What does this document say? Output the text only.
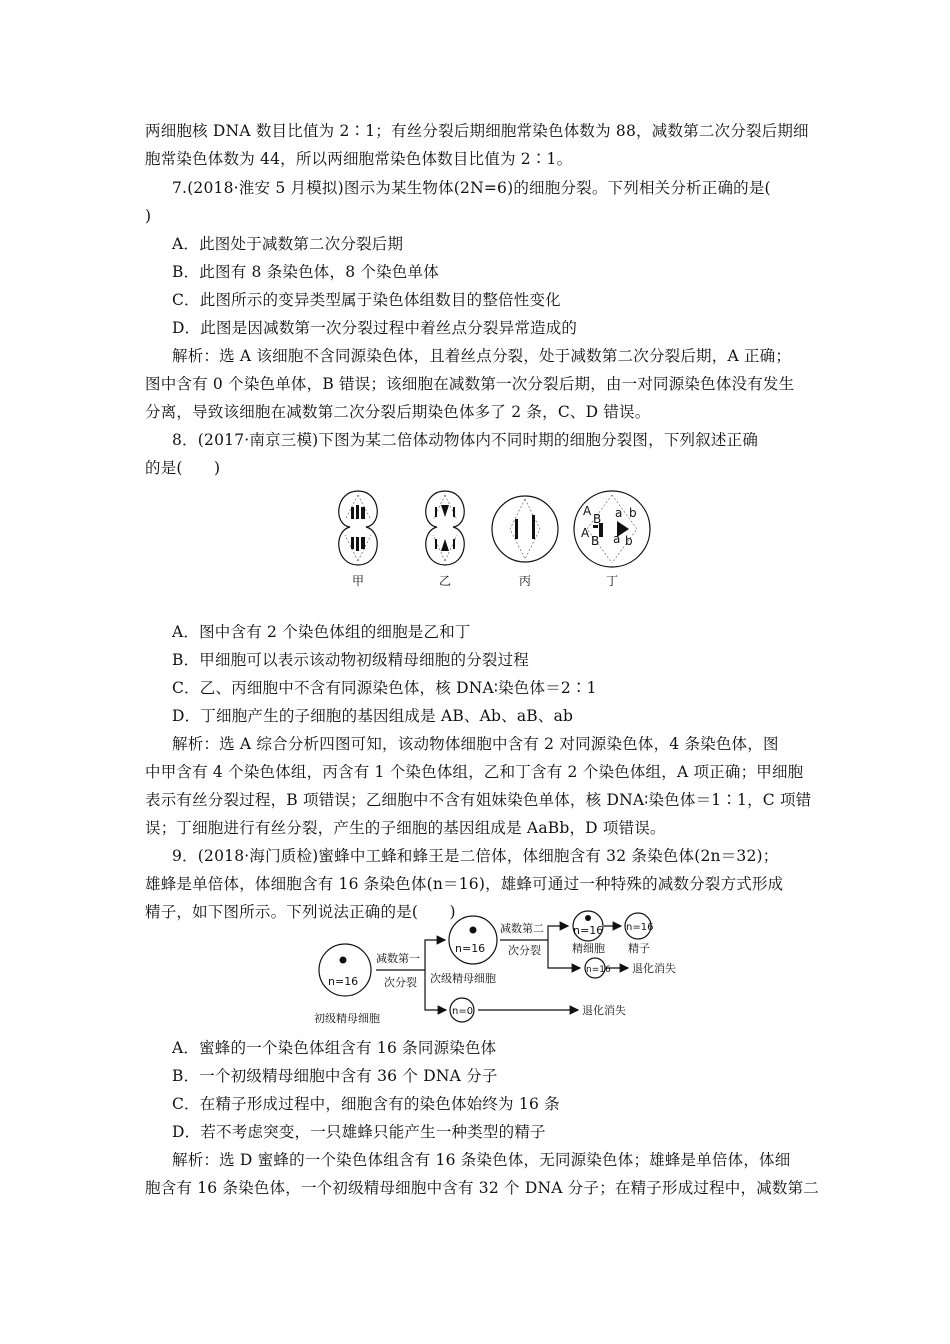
两细胞核 DNA 数目比值为 2∶1；有丝分裂后期细胞常染色体数为 88，减数第二次分裂后期细
胞常染色体数为 44，所以两细胞常染色体数目比值为 2∶1。
7.(2018·淮安 5 月模拟)图示为某生物体(2N=6)的细胞分裂。下列相关分析正确的是(
)
A．此图处于减数第二次分裂后期
B．此图有 8 条染色体，8 个染色单体
C．此图所示的变异类型属于染色体组数目的整倍性变化
D．此图是因减数第一次分裂过程中着丝点分裂异常造成的
解析：选 A 该细胞不含同源染色体，且着丝点分裂，处于减数第二次分裂后期，A 正确；
图中含有 0 个染色单体，B 错误；该细胞在减数第一次分裂后期，由一对同源染色体没有发生
分离，导致该细胞在减数第二次分裂后期染色体多了 2 条，C、D 错误。
8．(2017·南京三模)下图为某二倍体动物体内不同时期的细胞分裂图，下列叙述正确
的是(　　)
A
B
A
B
a b
a b
甲	乙	丙	丁
A．图中含有 2 个染色体组的细胞是乙和丁
B．甲细胞可以表示该动物初级精母细胞的分裂过程
C．乙、丙细胞中不含有同源染色体，核 DNA∶染色体＝2∶1
D．丁细胞产生的子细胞的基因组成是 AB、Ab、aB、ab
解析：选 A 综合分析四图可知，该动物体细胞中含有 2 对同源染色体，4 条染色体，图
中甲含有 4 个染色体组，丙含有 1 个染色体组，乙和丁含有 2 个染色体组，A 项正确；甲细胞
表示有丝分裂过程，B 项错误；乙细胞中不含有姐妹染色单体，核 DNA∶染色体＝1∶1，C 项错
误；丁细胞进行有丝分裂，产生的子细胞的基因组成是 AaBb，D 项错误。
9．(2018·海门质检)蜜蜂中工蜂和蜂王是二倍体，体细胞含有 32 条染色体(2n＝32)；
雄蜂是单倍体，体细胞含有 16 条染色体(n＝16)，雄蜂可通过一种特殊的减数分裂方式形成
精子，如下图所示。下列说法正确的是(　　)
n=16
n=16
n=16 n=16
n=16
n=0
减数第一
次分裂
减数第二
次分裂
初级精母细胞
次级精母细胞
精细胞 精子
退化消失
退化消失
A．蜜蜂的一个染色体组含有 16 条同源染色体
B．一个初级精母细胞中含有 36 个 DNA 分子
C．在精子形成过程中，细胞含有的染色体始终为 16 条
D．若不考虑突变，一只雄蜂只能产生一种类型的精子
解析：选 D 蜜蜂的一个染色体组含有 16 条染色体，无同源染色体；雄蜂是单倍体，体细
胞含有 16 条染色体，一个初级精母细胞中含有 32 个 DNA 分子；在精子形成过程中，减数第二
